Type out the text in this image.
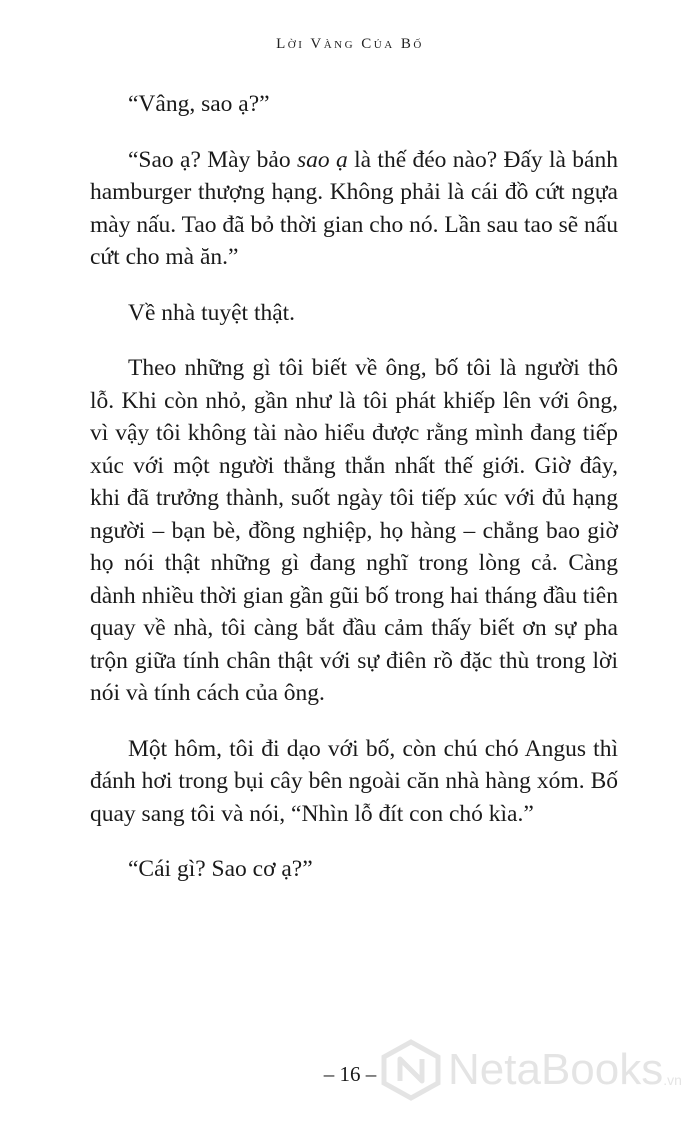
Lời Vàng Của Bố

“Vâng, sao ạ?”

“Sao ạ? Mày bảo sao ạ là thế đéo nào? Đấy là bánh hamburger thượng hạng. Không phải là cái đồ cứt ngựa mày nấu. Tao đã bỏ thời gian cho nó. Lần sau tao sẽ nấu cứt cho mà ăn.”

Về nhà tuyệt thật.

Theo những gì tôi biết về ông, bố tôi là người thô lỗ. Khi còn nhỏ, gần như là tôi phát khiếp lên với ông, vì vậy tôi không tài nào hiểu được rằng mình đang tiếp xúc với một người thẳng thắn nhất thế giới. Giờ đây, khi đã trưởng thành, suốt ngày tôi tiếp xúc với đủ hạng người – bạn bè, đồng nghiệp, họ hàng – chẳng bao giờ họ nói thật những gì đang nghĩ trong lòng cả. Càng dành nhiều thời gian gần gũi bố trong hai tháng đầu tiên quay về nhà, tôi càng bắt đầu cảm thấy biết ơn sự pha trộn giữa tính chân thật với sự điên rồ đặc thù trong lời nói và tính cách của ông.

Một hôm, tôi đi dạo với bố, còn chú chó Angus thì đánh hơi trong bụi cây bên ngoài căn nhà hàng xóm. Bố quay sang tôi và nói, “Nhìn lỗ đít con chó kìa.”

“Cái gì? Sao cơ ạ?”

– 16 –	NetaBooks .vn
